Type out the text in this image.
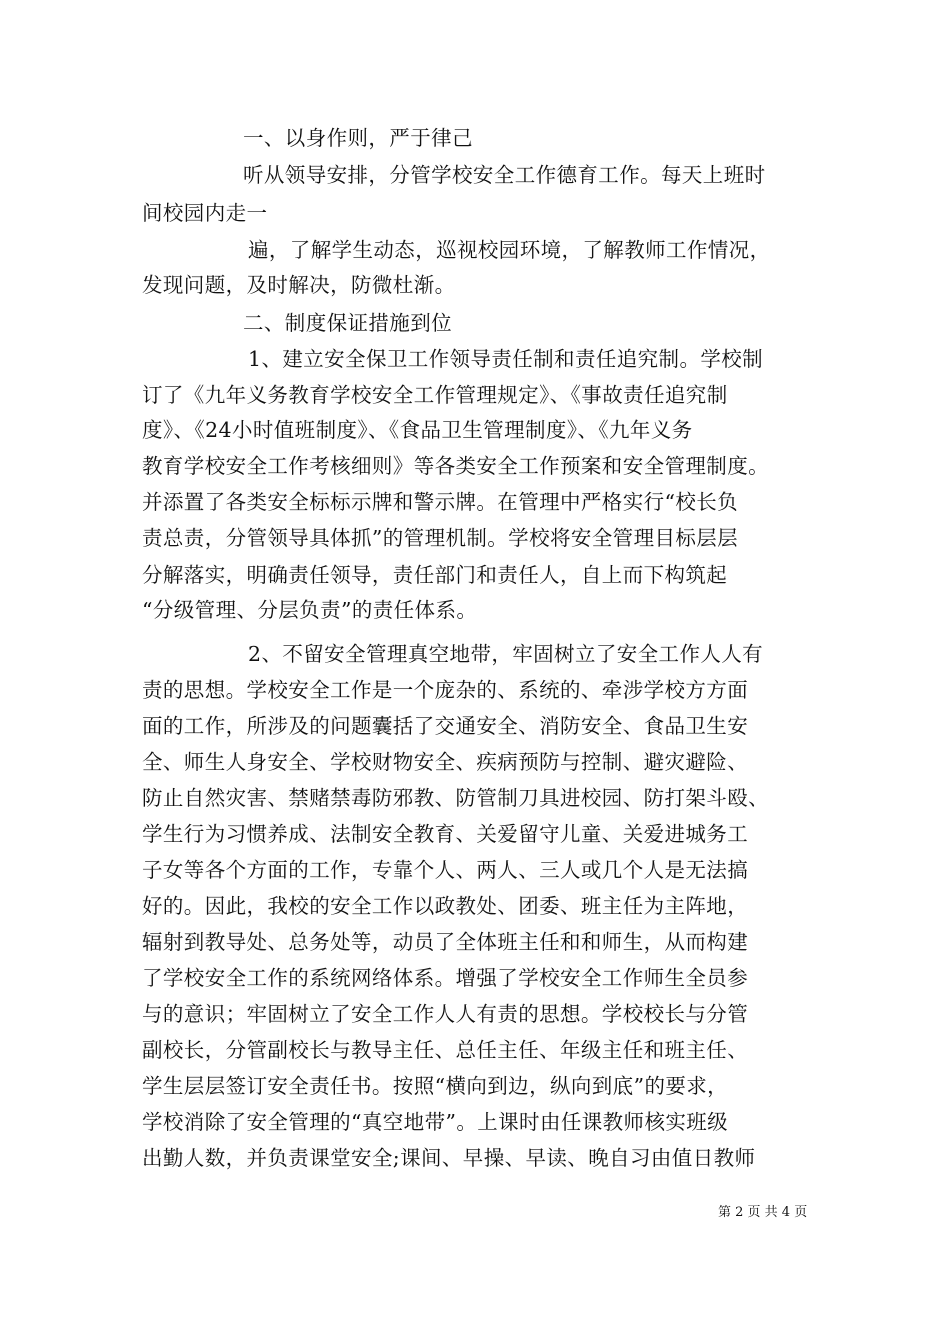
一、以身作则，严于律己
听从领导安排，分管学校安全工作德育工作。每天上班时
间校园内走一
遍，了解学生动态，巡视校园环境，了解教师工作情况，
发现问题，及时解决，防微杜渐。
二、制度保证措施到位
1、建立安全保卫工作领导责任制和责任追究制。学校制
订了《九年义务教育学校安全工作管理规定》、《事故责任追究制
度》、《24小时值班制度》、《食品卫生管理制度》、《九年义务
教育学校安全工作考核细则》等各类安全工作预案和安全管理制度。
并添置了各类安全标标示牌和警示牌。在管理中严格实行“校长负
责总责，分管领导具体抓”的管理机制。学校将安全管理目标层层
分解落实，明确责任领导，责任部门和责任人，自上而下构筑起
“分级管理、分层负责”的责任体系。
2、不留安全管理真空地带，牢固树立了安全工作人人有
责的思想。学校安全工作是一个庞杂的、系统的、牵涉学校方方面
面的工作，所涉及的问题囊括了交通安全、消防安全、食品卫生安
全、师生人身安全、学校财物安全、疾病预防与控制、避灾避险、
防止自然灾害、禁赌禁毒防邪教、防管制刀具进校园、防打架斗殴、
学生行为习惯养成、法制安全教育、关爱留守儿童、关爱进城务工
子女等各个方面的工作，专靠个人、两人、三人或几个人是无法搞
好的。因此，我校的安全工作以政教处、团委、班主任为主阵地，
辐射到教导处、总务处等，动员了全体班主任和和师生，从而构建
了学校安全工作的系统网络体系。增强了学校安全工作师生全员参
与的意识；牢固树立了安全工作人人有责的思想。学校校长与分管
副校长，分管副校长与教导主任、总任主任、年级主任和班主任、
学生层层签订安全责任书。按照“横向到边，纵向到底”的要求，
学校消除了安全管理的“真空地带”。上课时由任课教师核实班级
出勤人数，并负责课堂安全;课间、早操、早读、晚自习由值日教师
第 2 页 共 4 页
